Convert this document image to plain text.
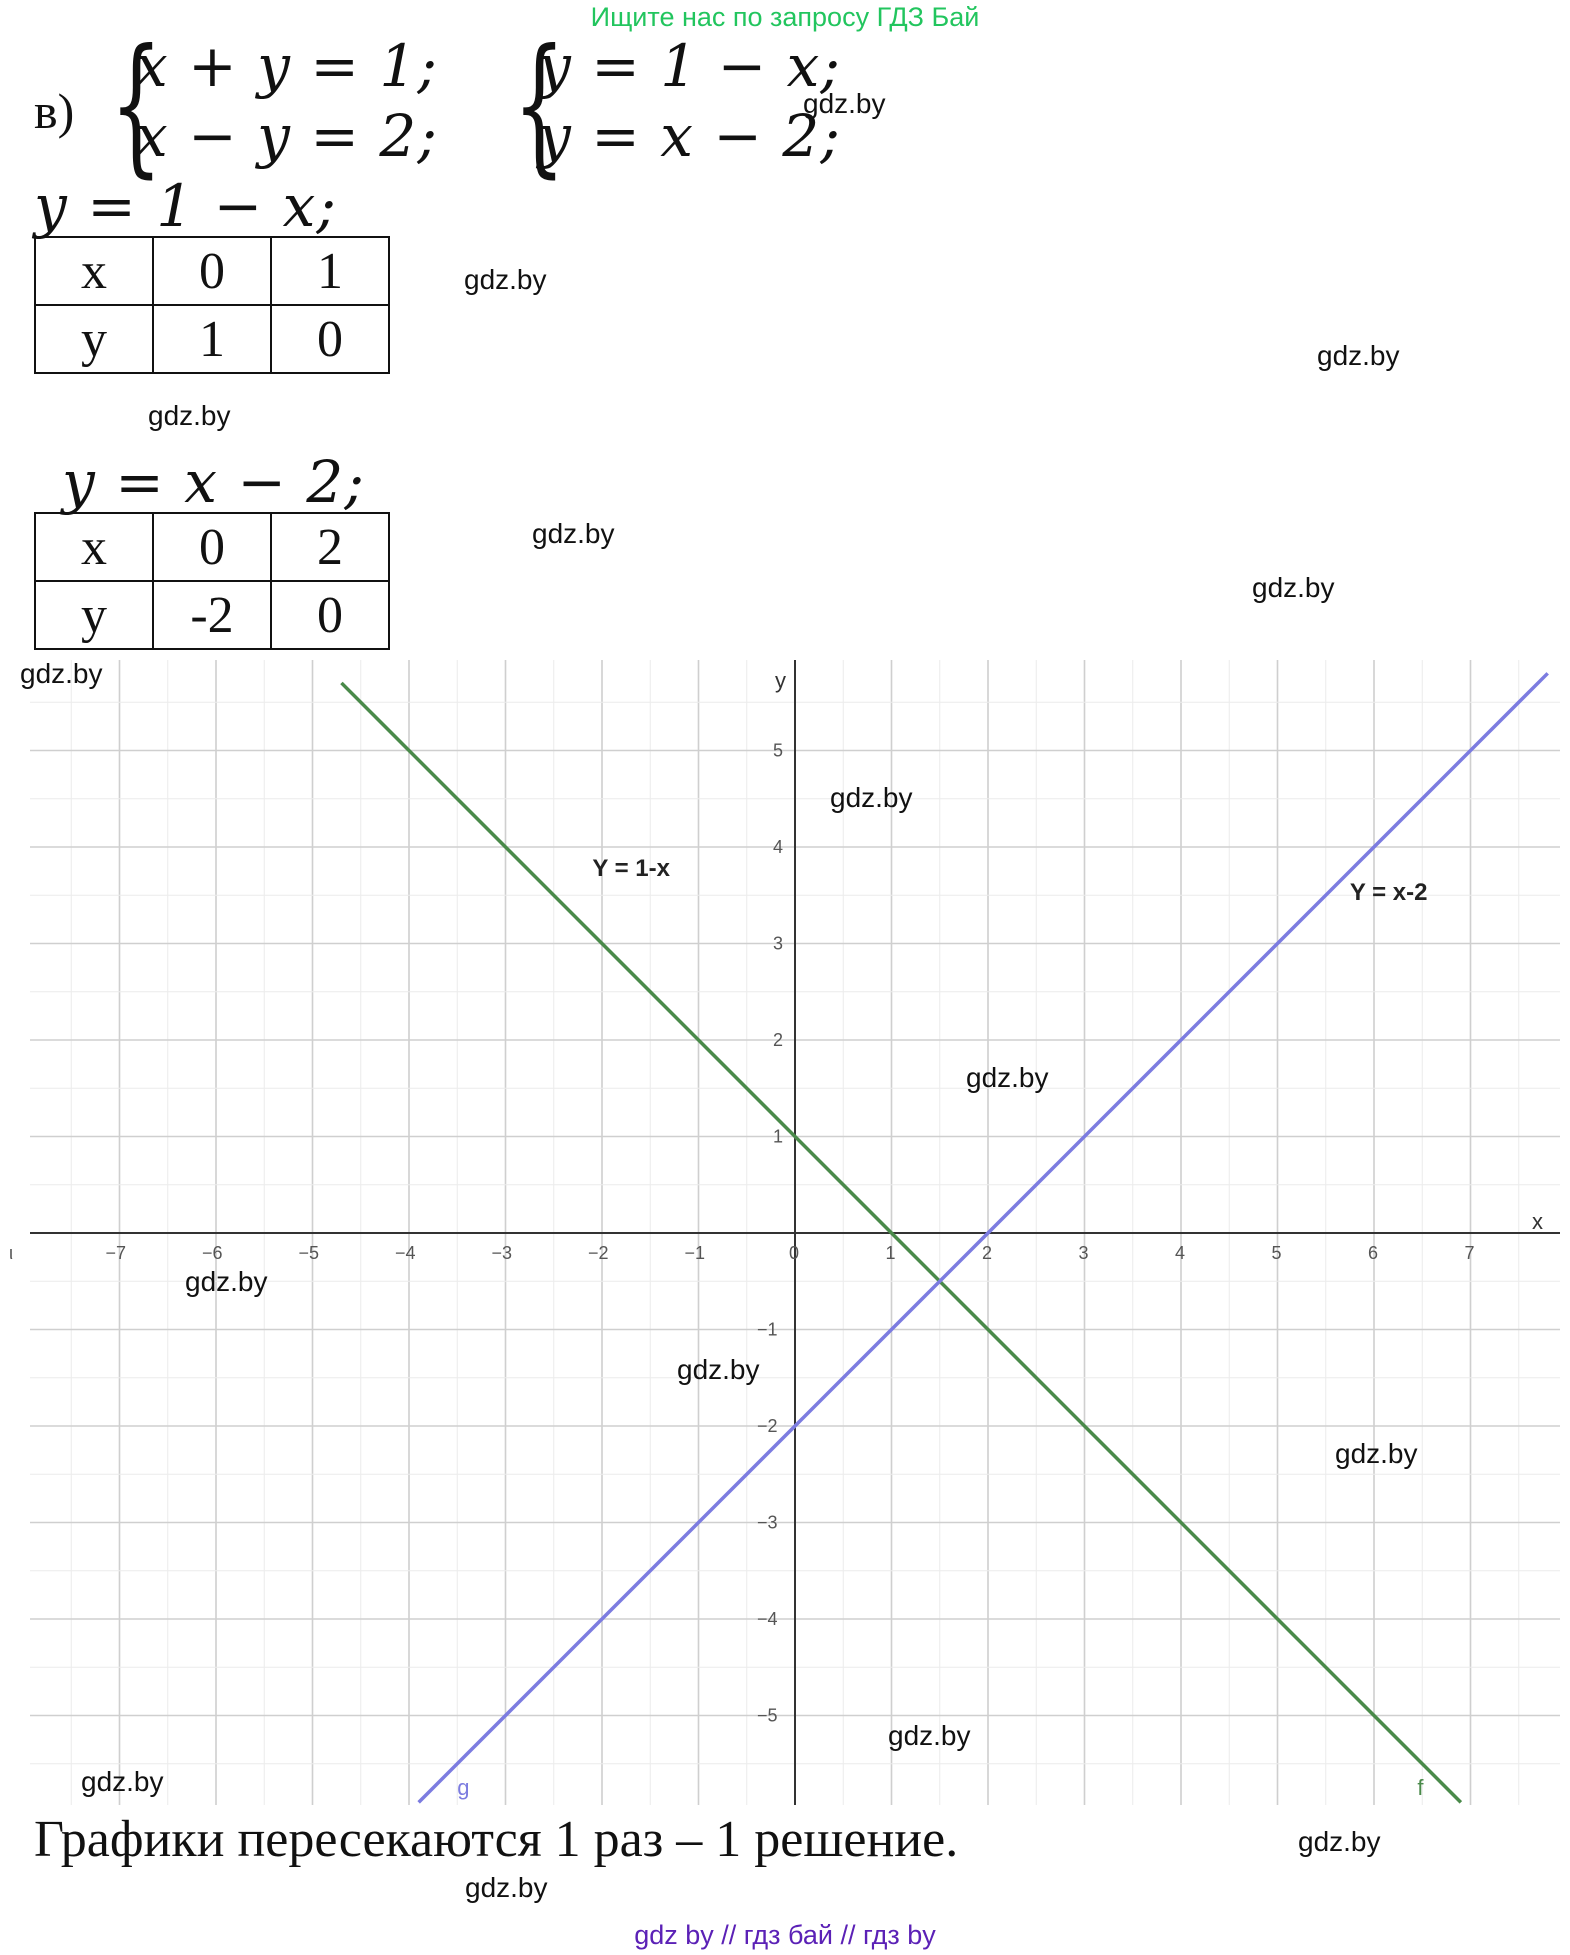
Ищите нас по запросу ГДЗ Бай
в) {
x + y = 1;
x − y = 2; {
y = 1 − x;
y = x − 2;
y = 1 − x;
x	0	1
y	1	0
y = x − 2;
x	0	2
y	-2	0
x
y
ι	−7	−6	−5	−4	−3	−2	−1	0	1	2	3	4	5	6	7
5
4
3
2
1
−1
−2
−3
−4
−5
Y = 1-x
f
Y = x-2
g
gdz.by
gdz.by
gdz.by
gdz.by
gdz.by
gdz.by
gdz.by
gdz.by
gdz.by
gdz.by
gdz.by
gdz.by
gdz.by
gdz.by
gdz.by
Графики пересекаются 1 раз – 1 решение.
gdz.by
gdz by // гдз бай // гдз by
